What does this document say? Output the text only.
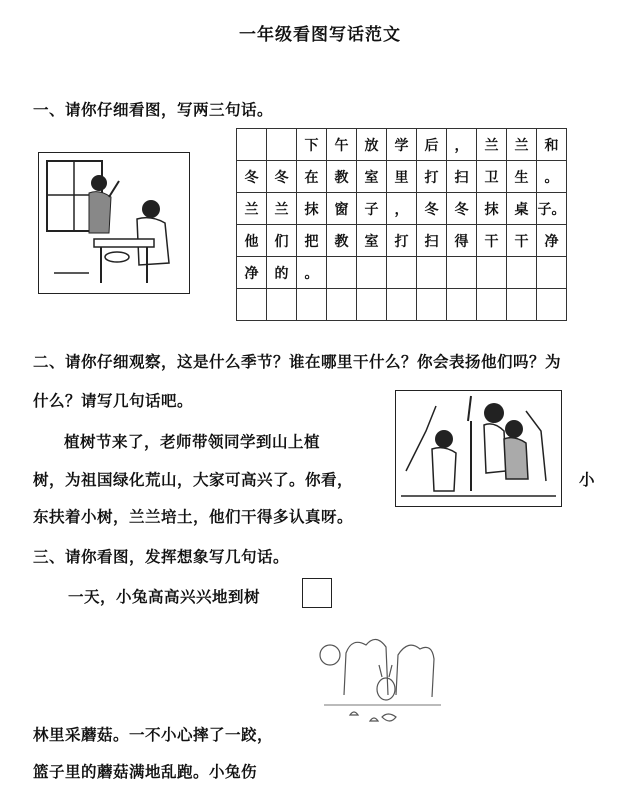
一年级看图写话范文
一、请你仔细看图，写两三句话。
		下	午	放	学	后	，	兰	兰	和
冬	冬	在	教	室	里	打	扫	卫	生	。
兰	兰	抹	窗	子	，	冬	冬	抹	桌	子。
他	们	把	教	室	打	扫	得	干	干	净
净	的	。								

二、请你仔细观察，这是什么季节？谁在哪里干什么？你会表扬他们吗？为
什么？请写几句话吧。
植树节来了，老师带领同学到山上植
树，为祖国绿化荒山，大家可高兴了。你看，	小
东扶着小树，兰兰培土，他们干得多认真呀。
三、请你看图，发挥想象写几句话。
一天，小兔高高兴兴地到树
林里采蘑菇。一不小心摔了一跤，
篮子里的蘑菇满地乱跑。小兔伤
